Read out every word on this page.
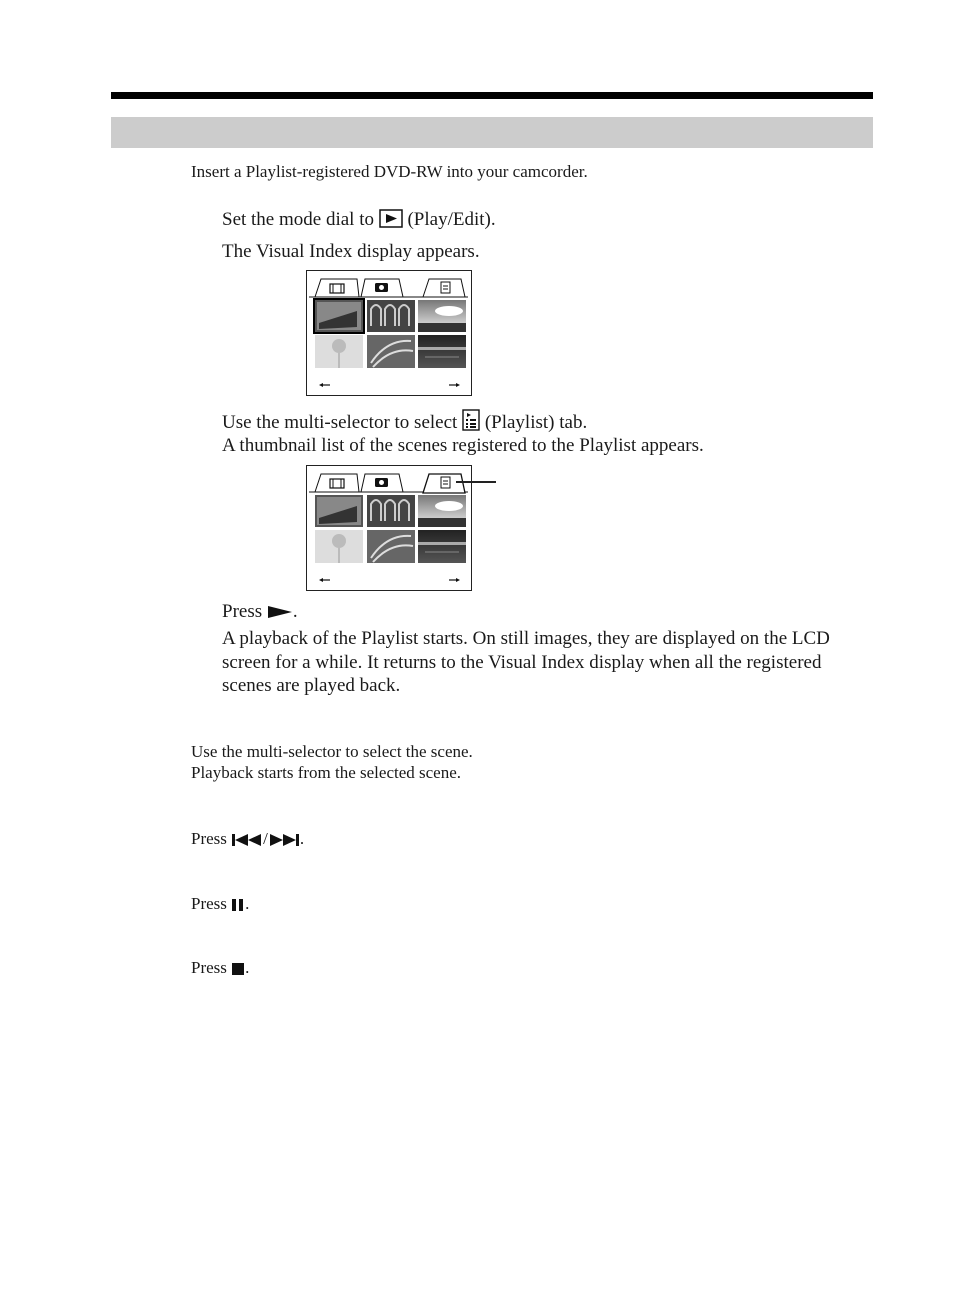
Insert a Playlist-registered DVD-RW into your camcorder.
Set the mode dial to (Play/Edit).
The Visual Index display appears.
Use the multi-selector to select (Playlist) tab.
A thumbnail list of the scenes registered to the Playlist appears.
Press .
A playback of the Playlist starts. On still images, they are displayed on the LCD screen for a while. It returns to the Visual Index display when all the registered scenes are played back.
Use the multi-selector to select the scene.
Playback starts from the selected scene.
Press / .
Press .
Press .
